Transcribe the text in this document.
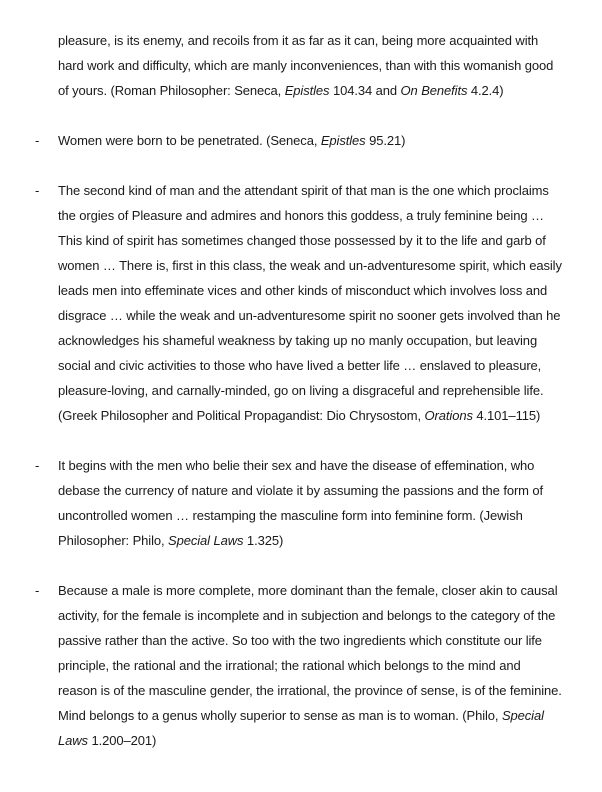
pleasure, is its enemy, and recoils from it as far as it can, being more acquainted with hard work and difficulty, which are manly inconveniences, than with this womanish good of yours. (Roman Philosopher: Seneca, Epistles 104.34 and On Benefits 4.2.4)
- Women were born to be penetrated. (Seneca, Epistles 95.21)
- The second kind of man and the attendant spirit of that man is the one which proclaims the orgies of Pleasure and admires and honors this goddess, a truly feminine being … This kind of spirit has sometimes changed those possessed by it to the life and garb of women … There is, first in this class, the weak and un-adventuresome spirit, which easily leads men into effeminate vices and other kinds of misconduct which involves loss and disgrace … while the weak and un-adventuresome spirit no sooner gets involved than he acknowledges his shameful weakness by taking up no manly occupation, but leaving social and civic activities to those who have lived a better life … enslaved to pleasure, pleasure-loving, and carnally-minded, go on living a disgraceful and reprehensible life. (Greek Philosopher and Political Propagandist: Dio Chrysostom, Orations 4.101–115)
- It begins with the men who belie their sex and have the disease of effemination, who debase the currency of nature and violate it by assuming the passions and the form of uncontrolled women … restamping the masculine form into feminine form. (Jewish Philosopher: Philo, Special Laws 1.325)
- Because a male is more complete, more dominant than the female, closer akin to causal activity, for the female is incomplete and in subjection and belongs to the category of the passive rather than the active. So too with the two ingredients which constitute our life principle, the rational and the irrational; the rational which belongs to the mind and reason is of the masculine gender, the irrational, the province of sense, is of the feminine. Mind belongs to a genus wholly superior to sense as man is to woman. (Philo, Special Laws 1.200–201)
